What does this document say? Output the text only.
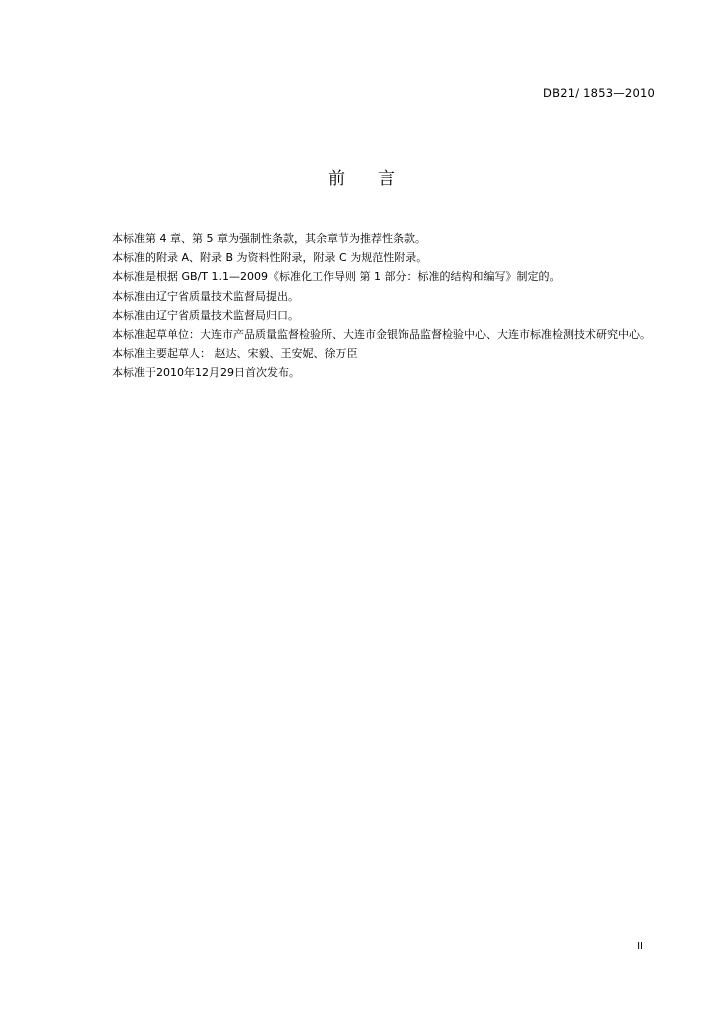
DB21/ 1853—2010
前 言

本标准第 4 章、第 5 章为强制性条款，其余章节为推荐性条款。

本标准的附录 A、附录 B 为资料性附录，附录 C 为规范性附录。

本标准是根据 GB/T 1.1—2009《标准化工作导则 第 1 部分：标准的结构和编写》制定的。

本标准由辽宁省质量技术监督局提出。

本标准由辽宁省质量技术监督局归口。

本标准起草单位：大连市产品质量监督检验所、大连市金银饰品监督检验中心、大连市标准检测技术研究中心。

本标准主要起草人： 赵达、宋毅、王安妮、徐万臣

本标准于2010年12月29日首次发布。

II
